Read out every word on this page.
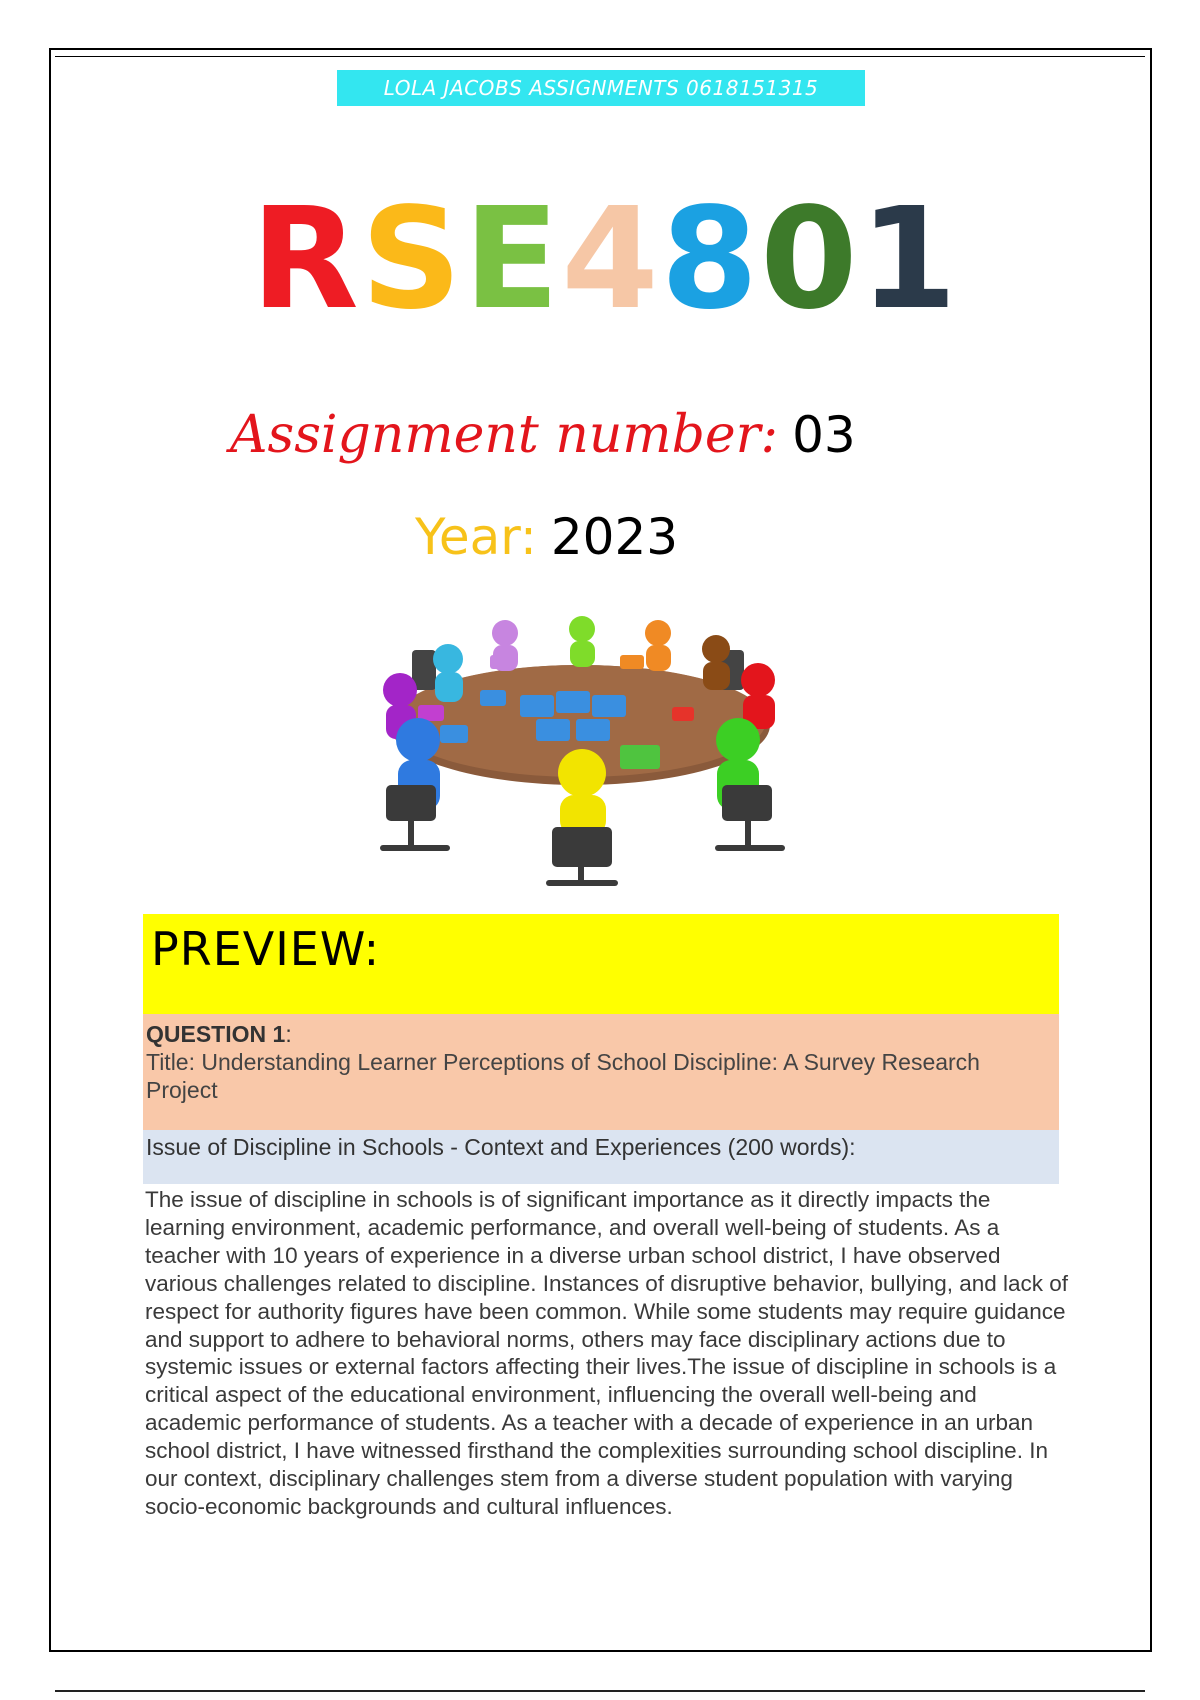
LOLA JACOBS ASSIGNMENTS 0618151315
R S E 4 8 0 1
Assignment number: 03
Year: 2023
PREVIEW:
QUESTION 1:
Title: Understanding Learner Perceptions of School Discipline: A Survey Research Project
Issue of Discipline in Schools - Context and Experiences (200 words):

The issue of discipline in schools is of significant importance as it directly impacts the learning environment, academic performance, and overall well-being of students. As a teacher with 10 years of experience in a diverse urban school district, I have observed various challenges related to discipline. Instances of disruptive behavior, bullying, and lack of respect for authority figures have been common. While some students may require guidance and support to adhere to behavioral norms, others may face disciplinary actions due to systemic issues or external factors affecting their lives.The issue of discipline in schools is a critical aspect of the educational environment, influencing the overall well-being and academic performance of students. As a teacher with a decade of experience in an urban school district, I have witnessed firsthand the complexities surrounding school discipline. In our context, disciplinary challenges stem from a diverse student population with varying socio-economic backgrounds and cultural influences.
